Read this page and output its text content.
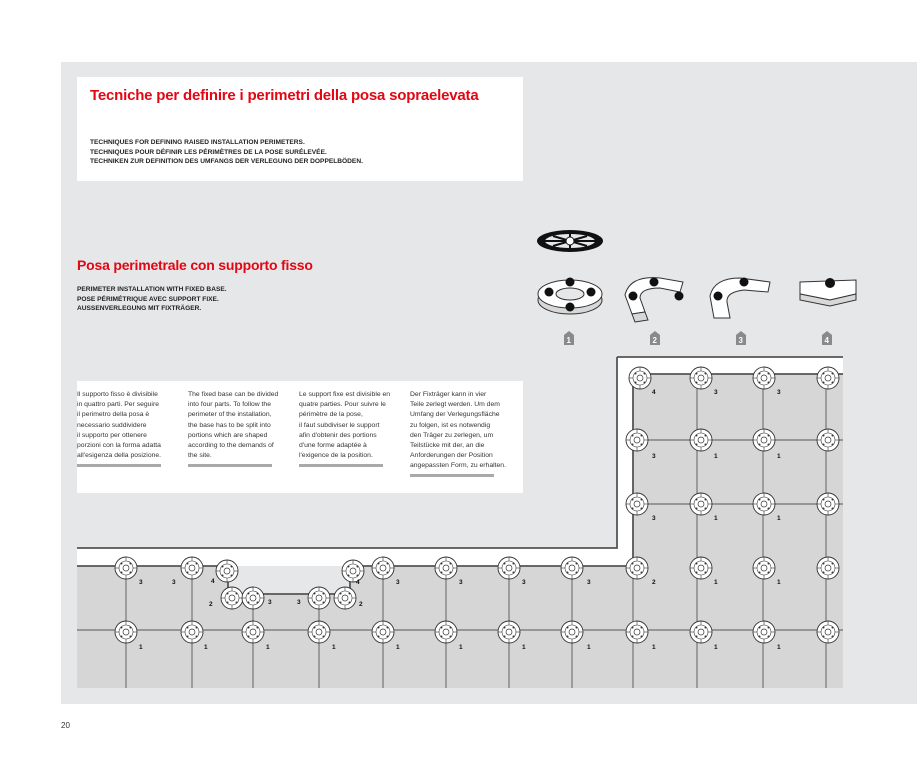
Tecniche per definire i perimetri della posa sopraelevata
TECHNIQUES FOR DEFINING RAISED INSTALLATION PERIMETERS.
TECHNIQUES POUR DÉFINIR LES PÉRIMÈTRES DE LA POSE SURÉLEVÉE.
TECHNIKEN ZUR DEFINITION DES UMFANGS DER VERLEGUNG DER DOPPELBÖDEN.
Posa perimetrale con supporto fisso
PERIMETER INSTALLATION WITH FIXED BASE.
POSE PÉRIMÉTRIQUE AVEC SUPPORT FIXE.
AUSSENVERLEGUNG MIT FIXTRÄGER.
Il supporto fisso è divisibile
in quattro parti. Per seguire
il perimetro della posa è
necessario suddividere
il supporto per ottenere
porzioni con la forma adatta
all'esigenza della posizione.
The fixed base can be divided
into four parts. To follow the
perimeter of the installation,
the base has to be split into
portions which are shaped
according to the demands of
the site.
Le support fixe est divisible en
quatre parties. Pour suivre le
périmètre de la pose,
il faut subdiviser le support
afin d'obtenir des portions
d'une forme adaptée à
l'exigence de la position.
Der Fixträger kann in vier
Teile zerlegt werden. Um dem
Umfang der Verlegungsfläche
zu folgen, ist es notwendig
den Träger zu zerlegen, um
Teilstücke mit der, an die
Anforderungen der Position
angepassten Form, zu erhalten.
1	2	3	4
4	3	3
3	1	1
3	1	1
3	3	4	4	3	3	3	3	2	1	1
2	3	3	2
1	1	1	1	1	1	1	1	1	1	1
20
